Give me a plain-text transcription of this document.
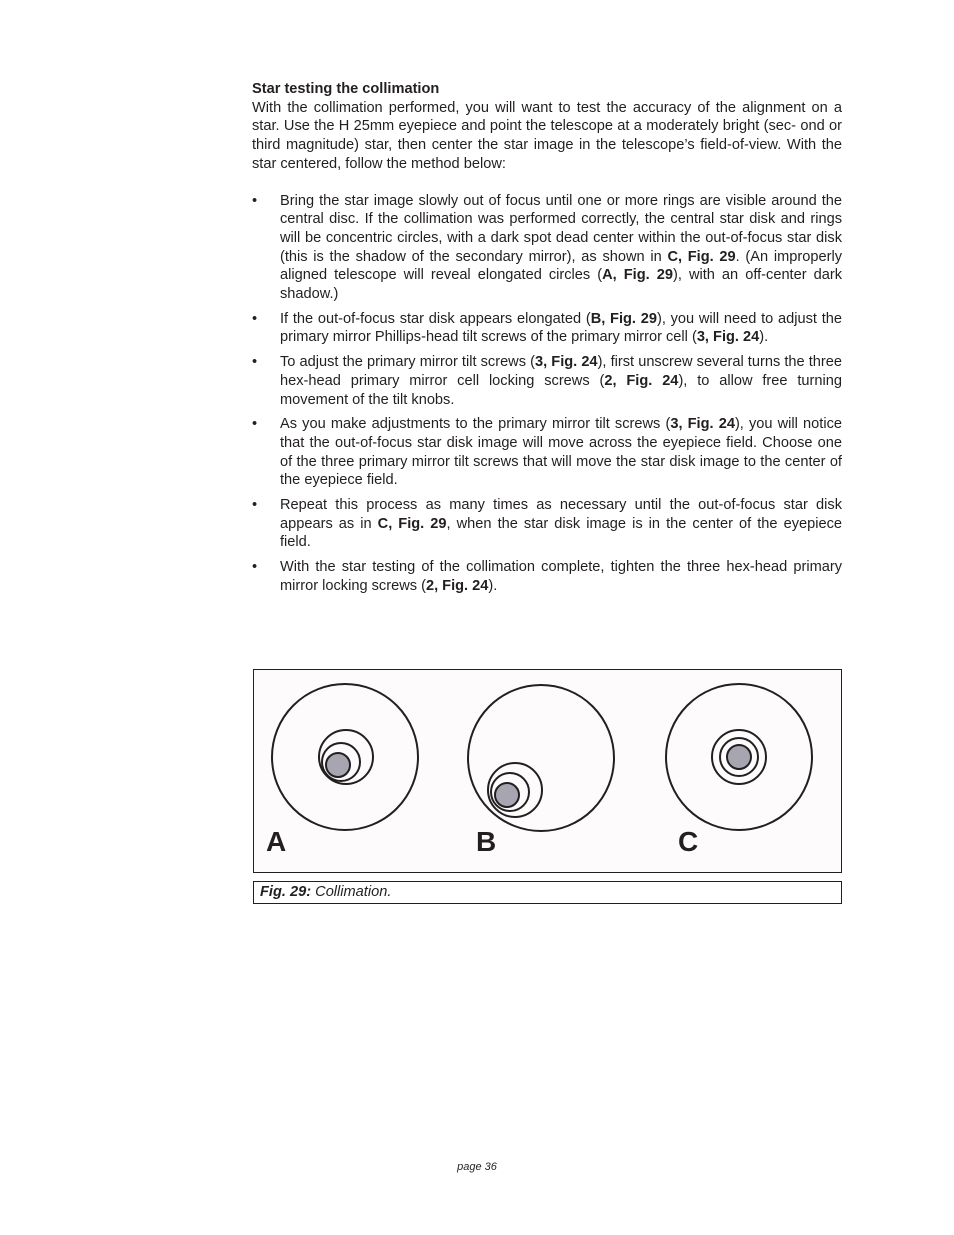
Star testing the collimation
With the collimation performed, you will want to test the accuracy of the alignment on a star. Use the H 25mm eyepiece and point the telescope at a moderately bright (sec- ond or third magnitude) star, then center the star image in the telescope’s field-of-view. With the star centered, follow the method below:
• Bring the star image slowly out of focus until one or more rings are visible around the central disc. If the collimation was performed correctly, the central star disk and rings will be concentric circles, with a dark spot dead center within the out-of-focus star disk (this is the shadow of the secondary mirror), as shown in C, Fig. 29. (An improperly aligned telescope will reveal elongated circles (A, Fig. 29), with an off-center dark shadow.)
• If the out-of-focus star disk appears elongated (B, Fig. 29), you will need to adjust the primary mirror Phillips-head tilt screws of the primary mirror cell (3, Fig. 24).
• To adjust the primary mirror tilt screws (3, Fig. 24), first unscrew several turns the three hex-head primary mirror cell locking screws (2, Fig. 24), to allow free turning movement of the tilt knobs.
• As you make adjustments to the primary mirror tilt screws (3, Fig. 24), you will notice that the out-of-focus star disk image will move across the eyepiece field. Choose one of the three primary mirror tilt screws that will move the star disk image to the center of the eyepiece field.
• Repeat this process as many times as necessary until the out-of-focus star disk appears as in C, Fig. 29, when the star disk image is in the center of the eyepiece field.
• With the star testing of the collimation complete, tighten the three hex-head primary mirror locking screws (2, Fig. 24).
A	B	C
Fig. 29: Collimation.
page 36
